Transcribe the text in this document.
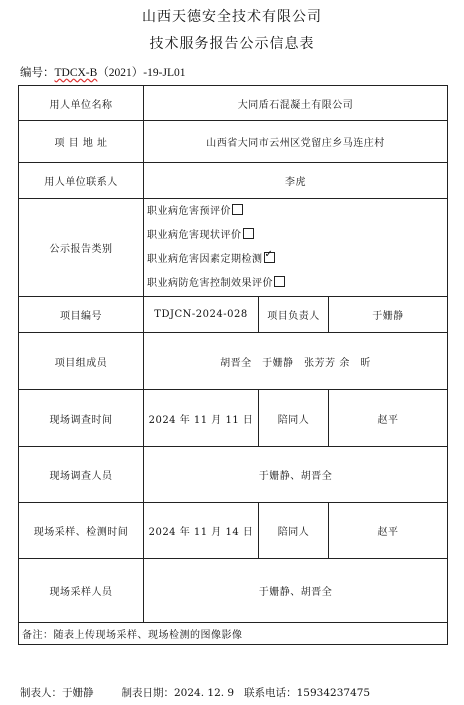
山西天德安全技术有限公司
技术服务报告公示信息表
编号：TDCX-B（2021）-19-JL01
用人单位名称	大同盾石混凝土有限公司		
项 目 地 址	山西省大同市云州区党留庄乡马连庄村		
用人单位联系人	李虎		
公示报告类别	职业病危害预评价
职业病危害现状评价
职业病危害因素定期检测✓
职业病防危害控制效果评价

项目编号	TDJCN-2024-028	项目负责人	于姗静
项目组成员	胡晋全　于姗静　张芳芳 余　昕		
现场调查时间	2024 年 11 月 11 日	陪同人	赵平
现场调查人员	于姗静、胡晋全		
现场采样、检测时间	2024 年 11 月 14 日	陪同人	赵平
现场采样人员	于姗静、胡晋全		
备注：随表上传现场采样、现场检测的图像影像			
制表人：于姗静	制表日期：2024. 12. 9 联系电话：15934237475
